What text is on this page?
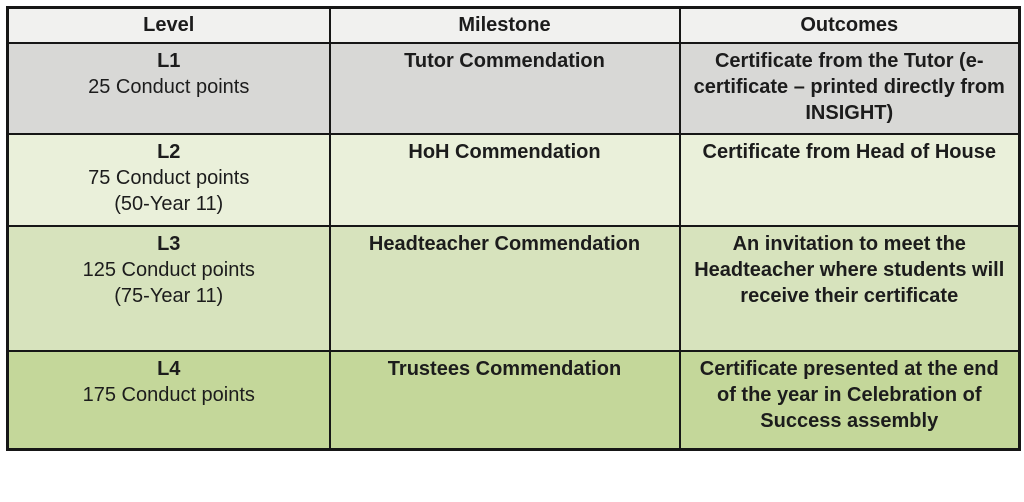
Level	Milestone	Outcomes

L1
25 Conduct points	Tutor Commendation	Certificate from the Tutor (e-certificate – printed directly from INSIGHT)

L2
75 Conduct points
(50-Year 11)	HoH Commendation	Certificate from Head of House

L3
125 Conduct points
(75-Year 11)	Headteacher Commendation	An invitation to meet the Headteacher where students will receive their certificate

L4
175 Conduct points	Trustees Commendation	Certificate presented at the end of the year in Celebration of Success assembly
